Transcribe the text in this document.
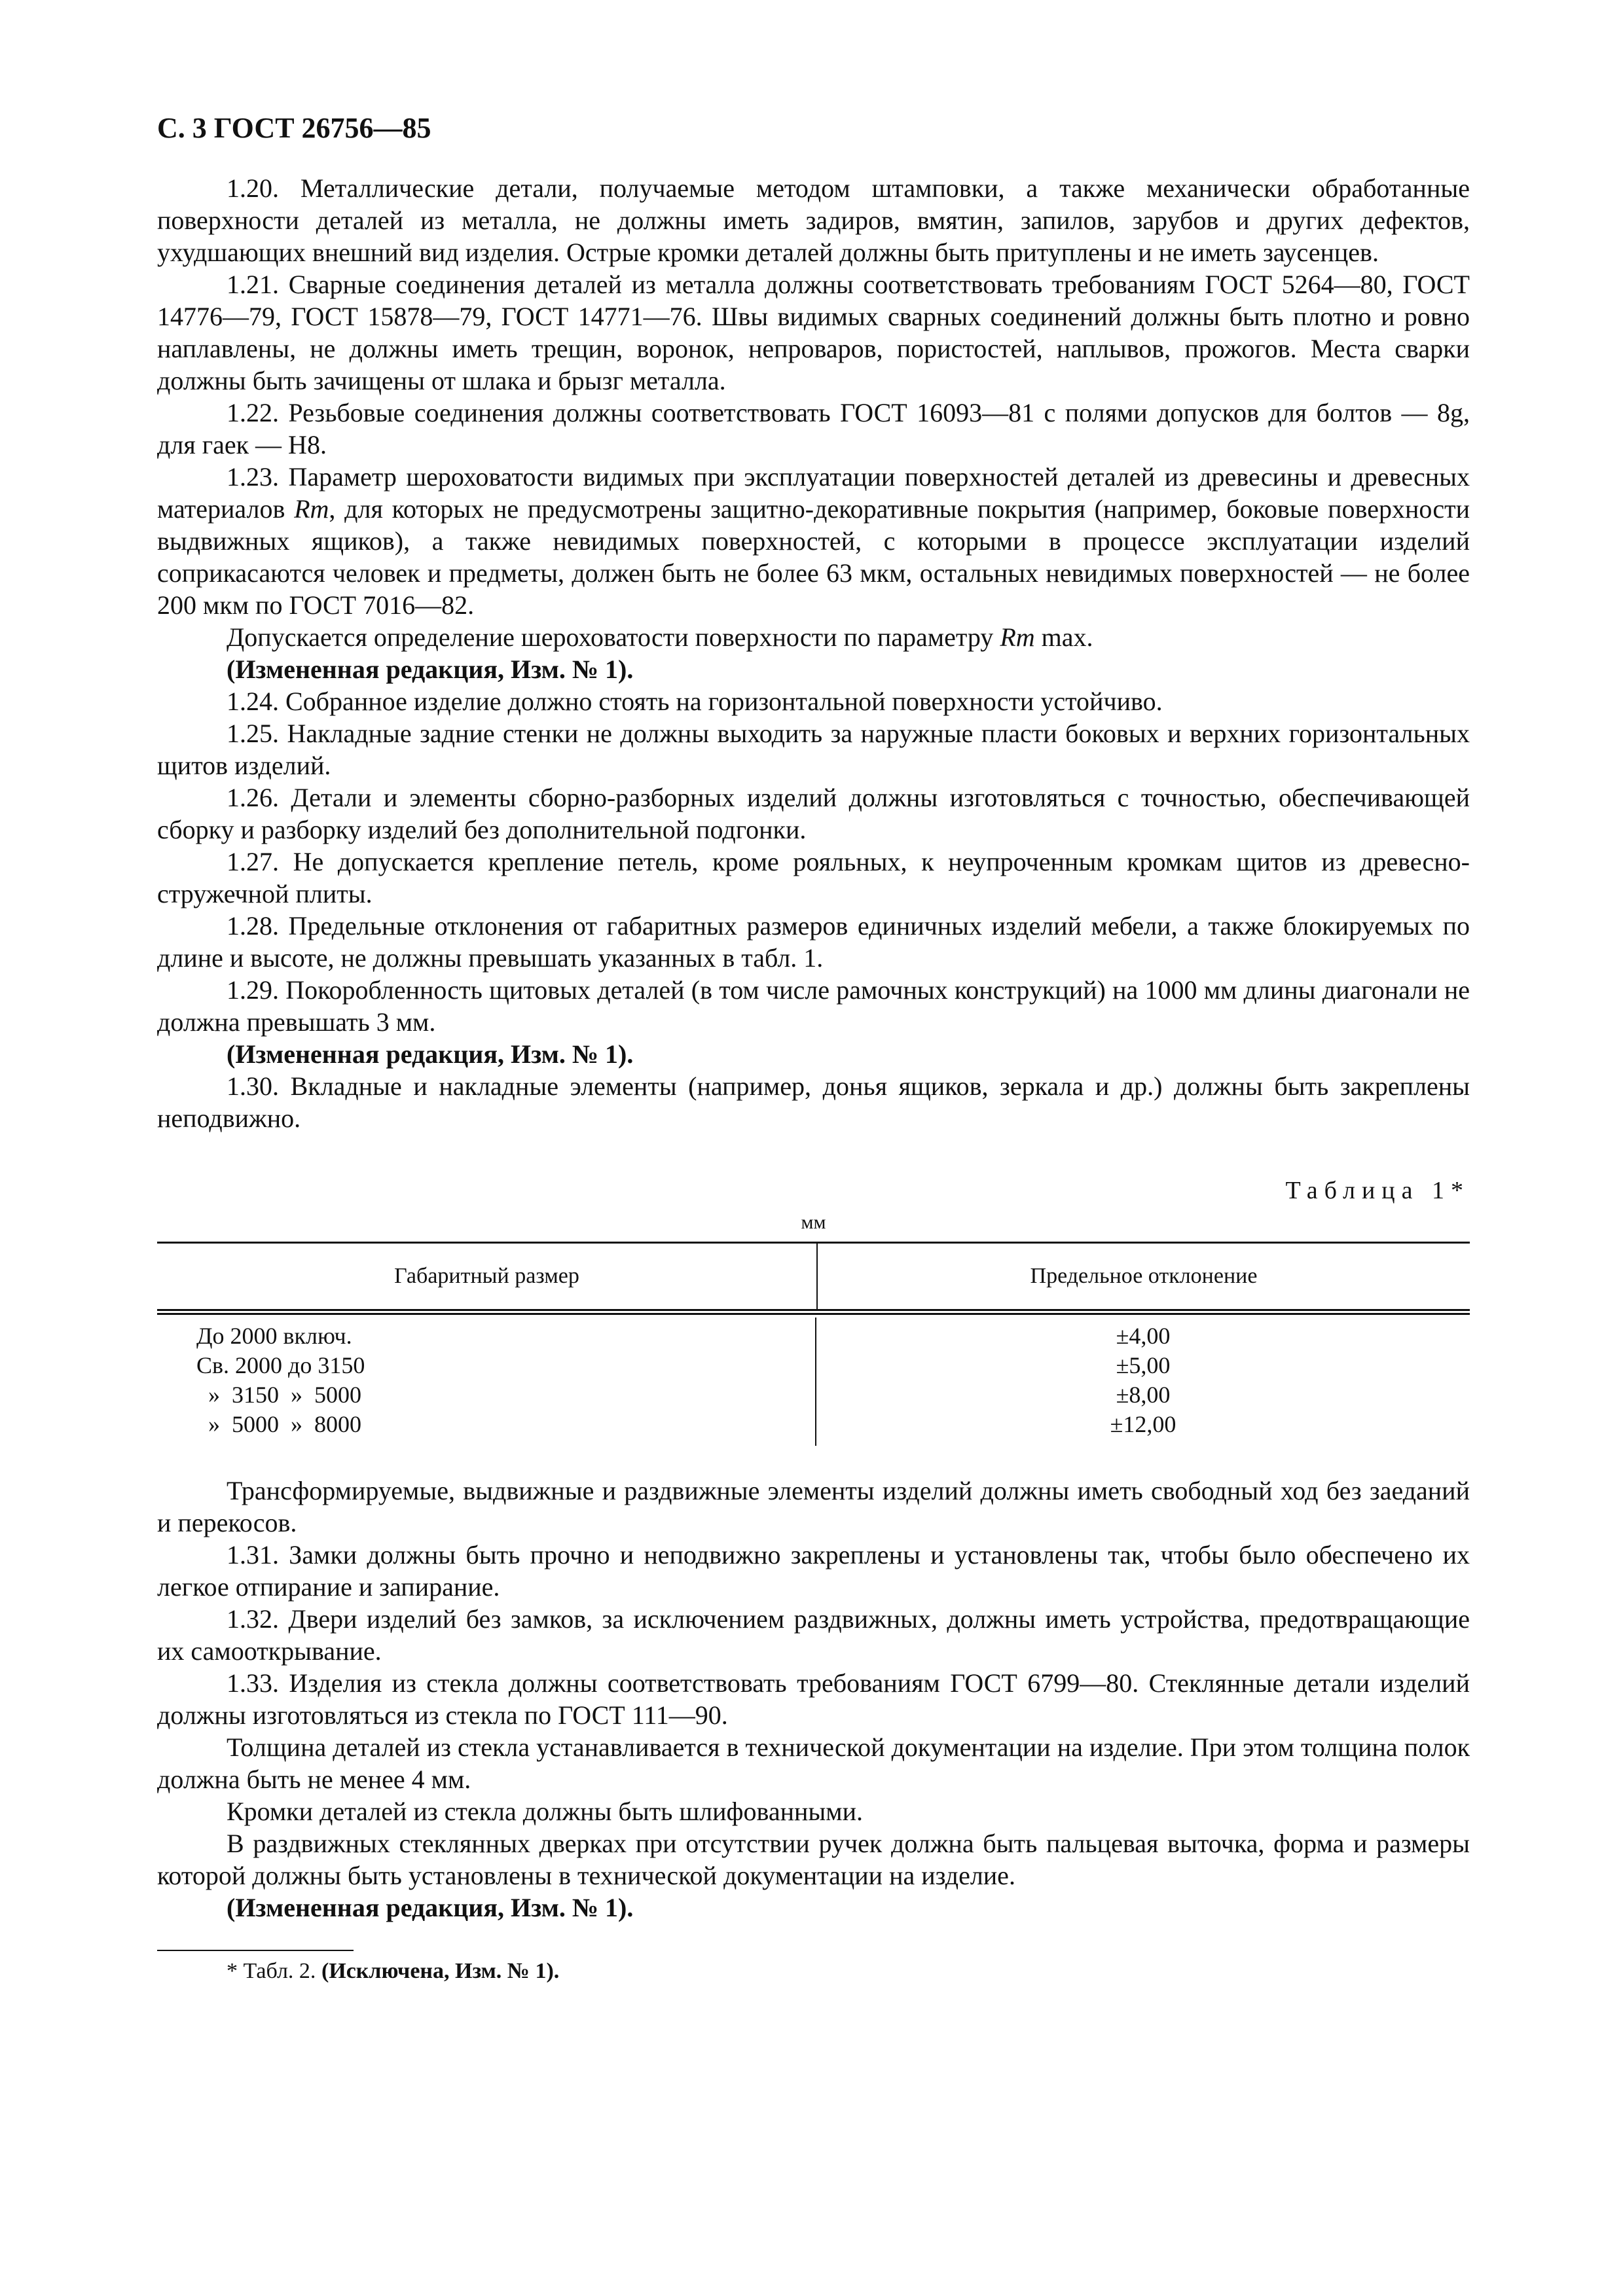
С. 3 ГОСТ 26756—85

1.20. Металлические детали, получаемые методом штамповки, а также механически обработанные поверхности деталей из металла, не должны иметь задиров, вмятин, запилов, зарубов и других дефектов, ухудшающих внешний вид изделия. Острые кромки деталей должны быть притуплены и не иметь заусенцев.

1.21. Сварные соединения деталей из металла должны соответствовать требованиям ГОСТ 5264—80, ГОСТ 14776—79, ГОСТ 15878—79, ГОСТ 14771—76. Швы видимых сварных соединений должны быть плотно и ровно наплавлены, не должны иметь трещин, воронок, непроваров, пористостей, наплывов, прожогов. Места сварки должны быть зачищены от шлака и брызг металла.

1.22. Резьбовые соединения должны соответствовать ГОСТ 16093—81 с полями допусков для болтов — 8g, для гаек — H8.

1.23. Параметр шероховатости видимых при эксплуатации поверхностей деталей из древесины и древесных материалов Rm, для которых не предусмотрены защитно-декоративные покрытия (например, боковые поверхности выдвижных ящиков), а также невидимых поверхностей, с которыми в процессе эксплуатации изделий соприкасаются человек и предметы, должен быть не более 63 мкм, остальных невидимых поверхностей — не более 200 мкм по ГОСТ 7016—82.

Допускается определение шероховатости поверхности по параметру Rm max.

(Измененная редакция, Изм. № 1).

1.24. Собранное изделие должно стоять на горизонтальной поверхности устойчиво.

1.25. Накладные задние стенки не должны выходить за наружные пласти боковых и верхних горизонтальных щитов изделий.

1.26. Детали и элементы сборно-разборных изделий должны изготовляться с точностью, обеспечивающей сборку и разборку изделий без дополнительной подгонки.

1.27. Не допускается крепление петель, кроме рояльных, к неупроченным кромкам щитов из древесно-стружечной плиты.

1.28. Предельные отклонения от габаритных размеров единичных изделий мебели, а также блокируемых по длине и высоте, не должны превышать указанных в табл. 1.

1.29. Покоробленность щитовых деталей (в том числе рамочных конструкций) на 1000 мм длины диагонали не должна превышать 3 мм.

(Измененная редакция, Изм. № 1).

1.30. Вкладные и накладные элементы (например, донья ящиков, зеркала и др.) должны быть закреплены неподвижно.

Таблица 1*
мм
Габаритный размер	Предельное отклонение
До 2000 включ.
Св. 2000 до 3150
»  3150  »  5000
»  5000  »  8000
±4,00
±5,00
±8,00
±12,00

Трансформируемые, выдвижные и раздвижные элементы изделий должны иметь свободный ход без заеданий и перекосов.

1.31. Замки должны быть прочно и неподвижно закреплены и установлены так, чтобы было обеспечено их легкое отпирание и запирание.

1.32. Двери изделий без замков, за исключением раздвижных, должны иметь устройства, предотвращающие их самооткрывание.

1.33. Изделия из стекла должны соответствовать требованиям ГОСТ 6799—80. Стеклянные детали изделий должны изготовляться из стекла по ГОСТ 111—90.

Толщина деталей из стекла устанавливается в технической документации на изделие. При этом толщина полок должна быть не менее 4 мм.

Кромки деталей из стекла должны быть шлифованными.

В раздвижных стеклянных дверках при отсутствии ручек должна быть пальцевая выточка, форма и размеры которой должны быть установлены в технической документации на изделие.

(Измененная редакция, Изм. № 1).

* Табл. 2. (Исключена, Изм. № 1).
